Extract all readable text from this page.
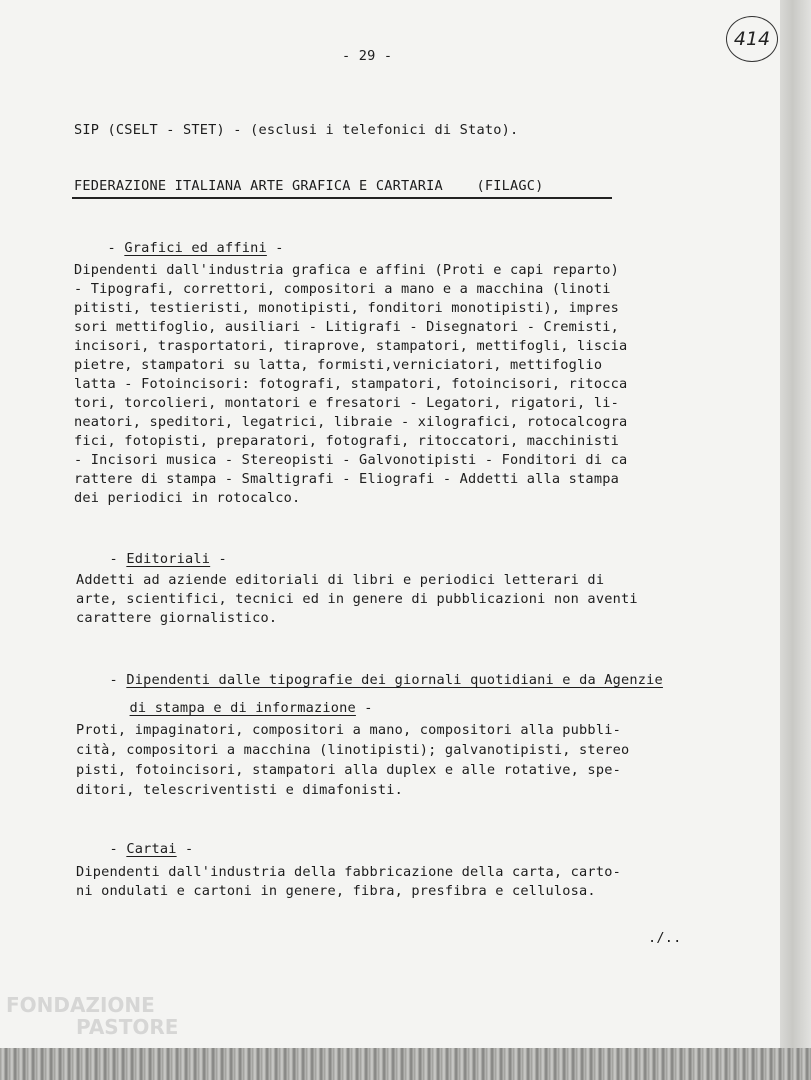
- 29 -
414
SIP (CSELT - STET) - (esclusi i telefonici di Stato).
FEDERAZIONE ITALIANA ARTE GRAFICA E CARTARIA    (FILAGC)

- Grafici ed affini -

Dipendenti dall'industria grafica e affini (Proti e capi reparto)
- Tipografi, correttori, compositori a mano e a macchina (linoti
pitisti, testieristi, monotipisti, fonditori monotipisti), impres
sori mettifoglio, ausiliari - Litigrafi - Disegnatori - Cremisti,
incisori, trasportatori, tiraprove, stampatori, mettifogli, liscia
pietre, stampatori su latta, formisti,verniciatori, mettifoglio
latta - Fotoincisori: fotografi, stampatori, fotoincisori, ritocca
tori, torcolieri, montatori e fresatori - Legatori, rigatori, li-
neatori, speditori, legatrici, libraie - xilografici, rotocalcogra
fici, fotopisti, preparatori, fotografi, ritoccatori, macchinisti
- Incisori musica - Stereopisti - Galvonotipisti - Fonditori di ca
rattere di stampa - Smaltigrafi - Eliografi - Addetti alla stampa
dei periodici in rotocalco.

- Editoriali -

Addetti ad aziende editoriali di libri e periodici letterari di
arte, scientifici, tecnici ed in genere di pubblicazioni non aventi
carattere giornalistico.

- Dipendenti dalle tipografie dei giornali quotidiani e da Agenzie

di stampa e di informazione -

Proti, impaginatori, compositori a mano, compositori alla pubbli-
cità, compositori a macchina (linotipisti); galvanotipisti, stereo
pisti, fotoincisori, stampatori alla duplex e alle rotative, spe-
ditori, telescriventisti e dimafonisti.

- Cartai -

Dipendenti dall'industria della fabbricazione della carta, carto-
ni ondulati e cartoni in genere, fibra, presfibra e cellulosa.
./..
FONDAZIONE
PASTORE
